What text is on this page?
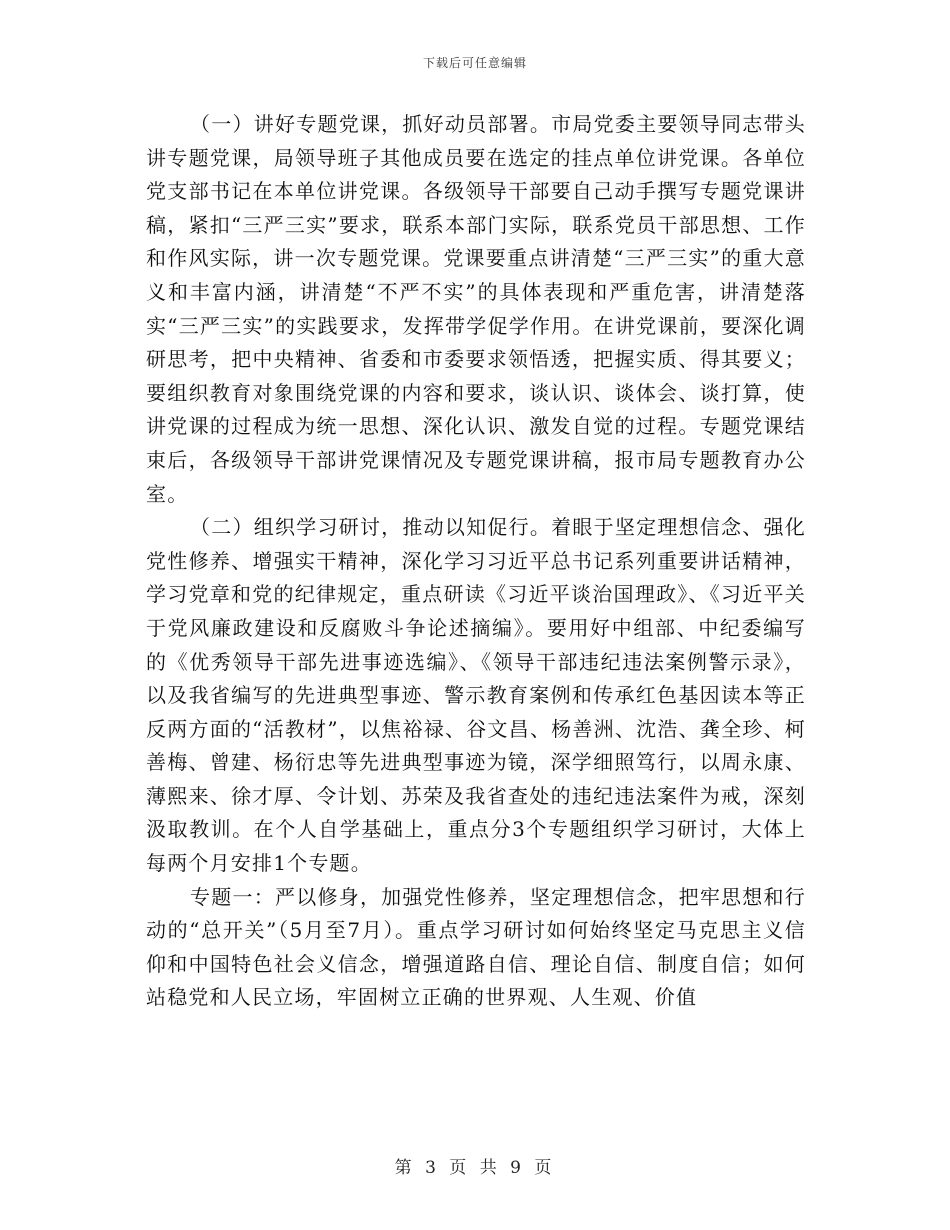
下载后可任意编辑

（一）讲好专题党课，抓好动员部署。市局党委主要领导同志带头讲专题党课，局领导班子其他成员要在选定的挂点单位讲党课。各单位党支部书记在本单位讲党课。各级领导干部要自己动手撰写专题党课讲稿，紧扣“三严三实”要求，联系本部门实际，联系党员干部思想、工作和作风实际，讲一次专题党课。党课要重点讲清楚“三严三实”的重大意义和丰富内涵，讲清楚“不严不实”的具体表现和严重危害，讲清楚落实“三严三实”的实践要求，发挥带学促学作用。在讲党课前，要深化调研思考，把中央精神、省委和市委要求领悟透，把握实质、得其要义；要组织教育对象围绕党课的内容和要求，谈认识、谈体会、谈打算，使讲党课的过程成为统一思想、深化认识、激发自觉的过程。专题党课结束后，各级领导干部讲党课情况及专题党课讲稿，报市局专题教育办公室。

（二）组织学习研讨，推动以知促行。着眼于坚定理想信念、强化党性修养、增强实干精神，深化学习习近平总书记系列重要讲话精神，学习党章和党的纪律规定，重点研读《习近平谈治国理政》、《习近平关于党风廉政建设和反腐败斗争论述摘编》。要用好中组部、中纪委编写的《优秀领导干部先进事迹选编》、《领导干部违纪违法案例警示录》，以及我省编写的先进典型事迹、警示教育案例和传承红色基因读本等正反两方面的“活教材”，以焦裕禄、谷文昌、杨善洲、沈浩、龚全珍、柯善梅、曾建、杨衍忠等先进典型事迹为镜，深学细照笃行，以周永康、薄熙来、徐才厚、令计划、苏荣及我省查处的违纪违法案件为戒，深刻汲取教训。在个人自学基础上，重点分3个专题组织学习研讨，大体上每两个月安排1个专题。

专题一：严以修身，加强党性修养，坚定理想信念，把牢思想和行动的“总开关”（5月至7月）。重点学习研讨如何始终坚定马克思主义信仰和中国特色社会义信念，增强道路自信、理论自信、制度自信；如何站稳党和人民立场，牢固树立正确的世界观、人生观、价值

第 3 页 共 9 页
